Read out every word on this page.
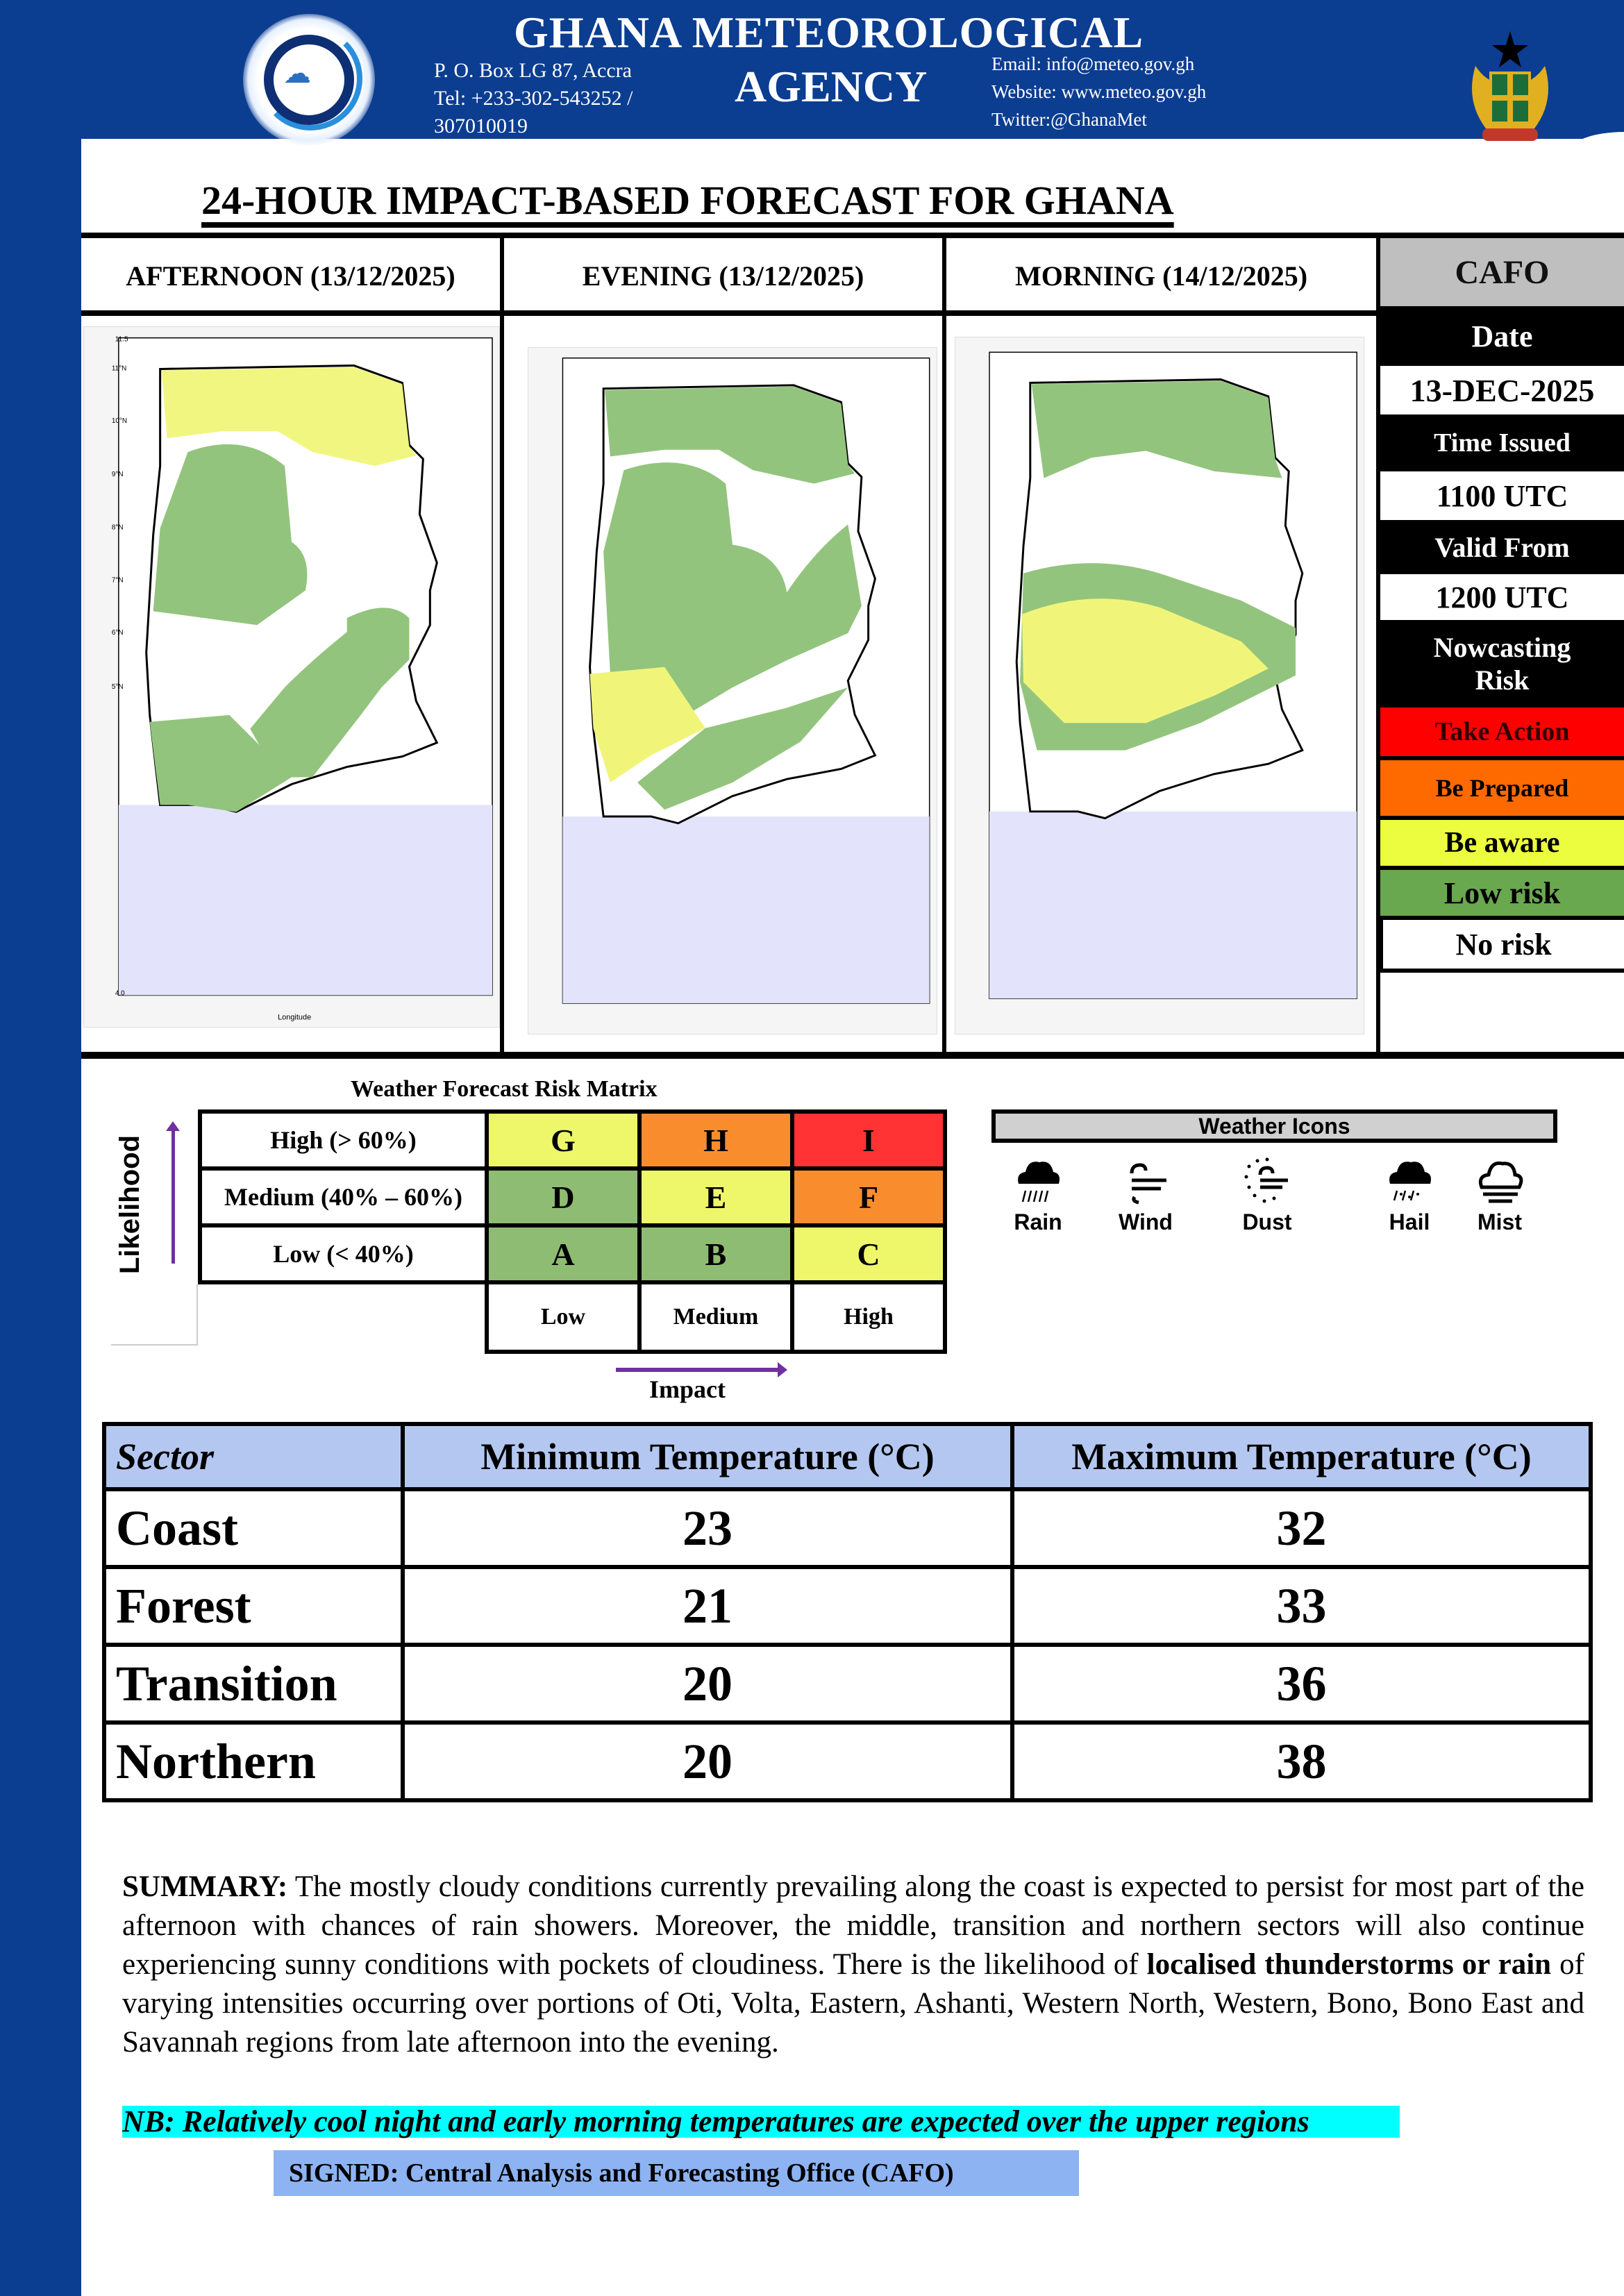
☁
GHANA METEOROLOGICAL
AGENCY
P. O. Box LG 87, Accra
Tel: +233-302-543252 /
307010019
Email: info@meteo.gov.gh
Website: www.meteo.gov.gh
Twitter:@GhanaMet
Facebook: Ghana Meteorological Agency
24-HOUR IMPACT-BASED FORECAST FOR GHANA
AFTERNOON (13/12/2025)	EVENING (13/12/2025)	MORNING (14/12/2025)
11.5
11°N
10°N
9°N
8°N
7°N
6°N
5°N
4.0
Longitude
CAFO
Date
13-DEC-2025
Time Issued
1100 UTC
Valid From
1200 UTC
Nowcasting Risk
Take Action
Be Prepared
Be aware
Low risk
No risk
Weather Forecast Risk Matrix
Likelihood	High (> 60%)	G	H	I
Medium (40% – 60%)	D	E	F
Low (< 40%)	A	B	C
	Low	Medium	High
Impact
Weather Icons
Rain	Wind	Dust	Hail	Mist
Sector	Minimum Temperature (°C)	Maximum Temperature (°C)
Coast	23	32
Forest	21	33
Transition	20	36
Northern	20	38

SUMMARY: The mostly cloudy conditions currently prevailing along the coast is expected to persist for most part of the afternoon with chances of rain showers. Moreover, the middle, transition and northern sectors will also continue experiencing sunny conditions with pockets of cloudiness. There is the likelihood of localised thunderstorms or rain of varying intensities occurring over portions of Oti, Volta, Eastern, Ashanti, Western North, Western, Bono, Bono East and Savannah regions from late afternoon into the evening.

NB: Relatively cool night and early morning temperatures are expected over the upper regions
SIGNED: Central Analysis and Forecasting Office (CAFO)
